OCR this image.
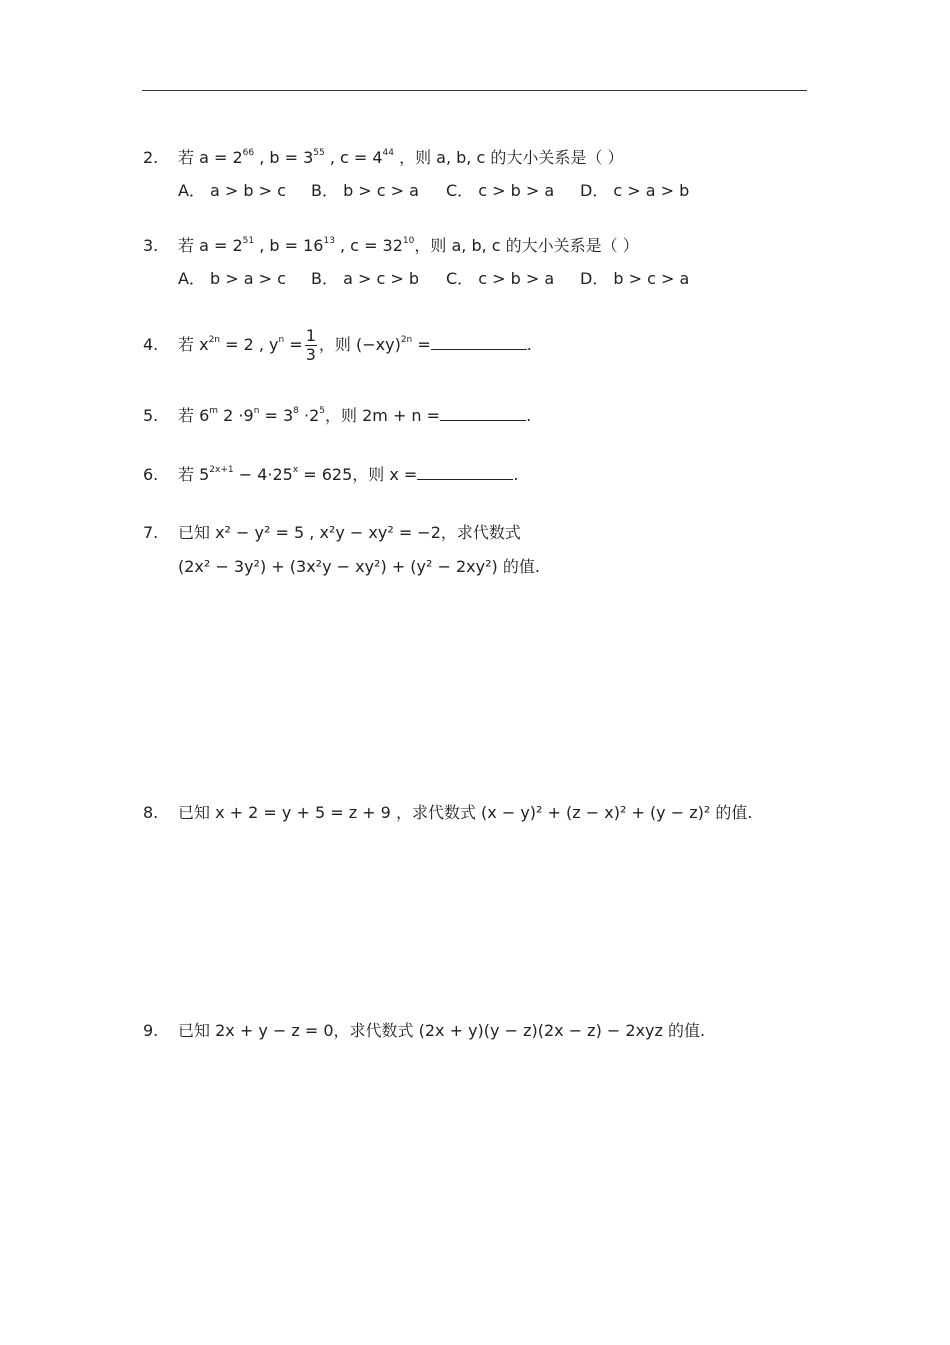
2. 若 $a = 2^{66}$ , $b = 3^{55}$ , $c = 4^{44}$ ，则 a, b, c 的大小关系是（ ）
A． a > b > c B． b > c > a C． c > b > a D． c > a > b
3. 若 $a = 2^{51}$ , $b = 16^{13}$ , $c = 32^{10}$，则 a, b, c 的大小关系是（ ）
A． b > a > c B． a > c > b C． c > b > a D． b > c > a
4. 若 $x^{2n} = 2$ , $y^n = \frac{1}{3}$ ，则 $(-xy)^{2n}$ =	.
5. 若 6$^m$ $2 \cdot 9^n = 3^8 \cdot 2^5$，则 2m + n =	.
6. 若 $5^{2x+1} - 4\cdot 25^x = 625$，则 x =	.
7. 已知 x² − y² = 5 , x²y − xy² = −2，求代数式
(2x² − 3y²) + (3x²y − xy²) + (y² − 2xy²) 的值.
8. 已知 x + 2 = y + 5 = z + 9 ，求代数式 (x − y)² + (z − x)² + (y − z)² 的值.
9. 已知 2x + y − z = 0，求代数式 (2x + y)(y − z)(2x − z) − 2xyz 的值.
